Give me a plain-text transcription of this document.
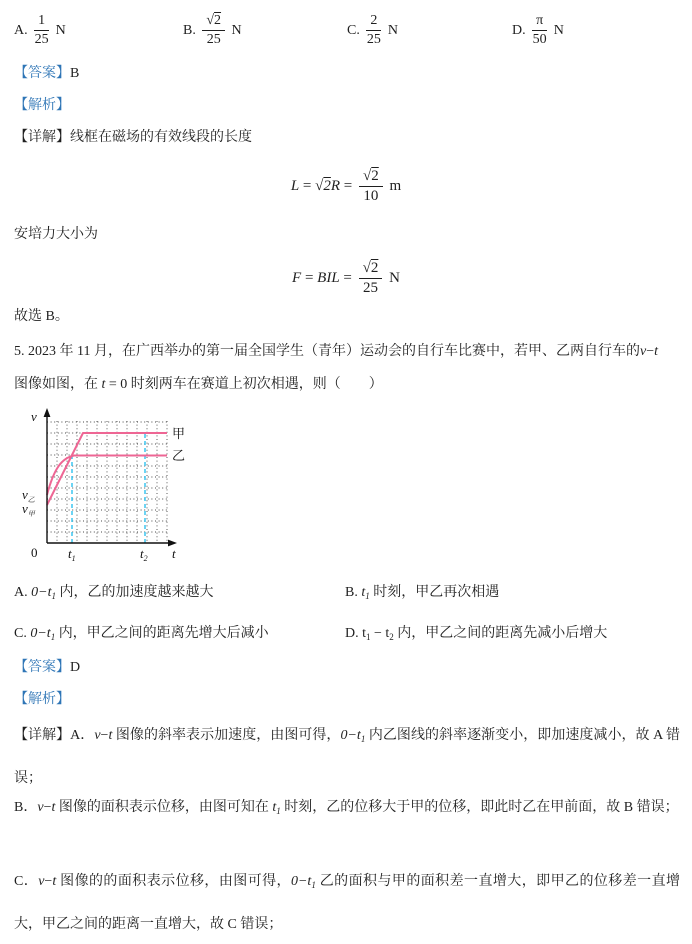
A. $\frac{1}{25}$ N	B. $\frac{√2}{25}$ N	C. $\frac{2}{25}$ N	D. $\frac{\pi}{50}$ N
【答案】B
【解析】
【详解】线框在磁场的有效线段的长度
$L = √2R = \frac{√2}{10}$ m
安培力大小为
F = BIL = $\frac{√2}{25}$ N
故选 B。
5. 2023 年 11 月，在广西举办的第一届全国学生（青年）运动会的自行车比赛中，若甲、乙两自行车的v−t
图像如图，在 t = 0 时刻两车在赛道上初次相遇，则（　　）
v
0 $t_1$	$t_2$ t
$v_乙$
$v_甲$
甲
乙
A. $0-t_1$ 内，乙的加速度越来越大	B. $t_1$ 时刻，甲乙再次相遇
C. $0-t_1$ 内，甲乙之间的距离先增大后减小	D. $t_1 - t_2$ 内，甲乙之间的距离先减小后增大
【答案】D
【解析】
【详解】A．v−t 图像的斜率表示加速度，由图可得，$0-t_1$ 内乙图线的斜率逐渐变小，即加速度减小，故 A 错误；
B．v−t 图像的面积表示位移，由图可知在 $t_1$ 时刻，乙的位移大于甲的位移，即此时乙在甲前面，故 B 错误；
C．v−t 图像的的面积表示位移，由图可得，$0-t_1$ 乙的面积与甲的面积差一直增大，即甲乙的位移差一直增大，甲乙之间的距离一直增大，故 C 错误；
